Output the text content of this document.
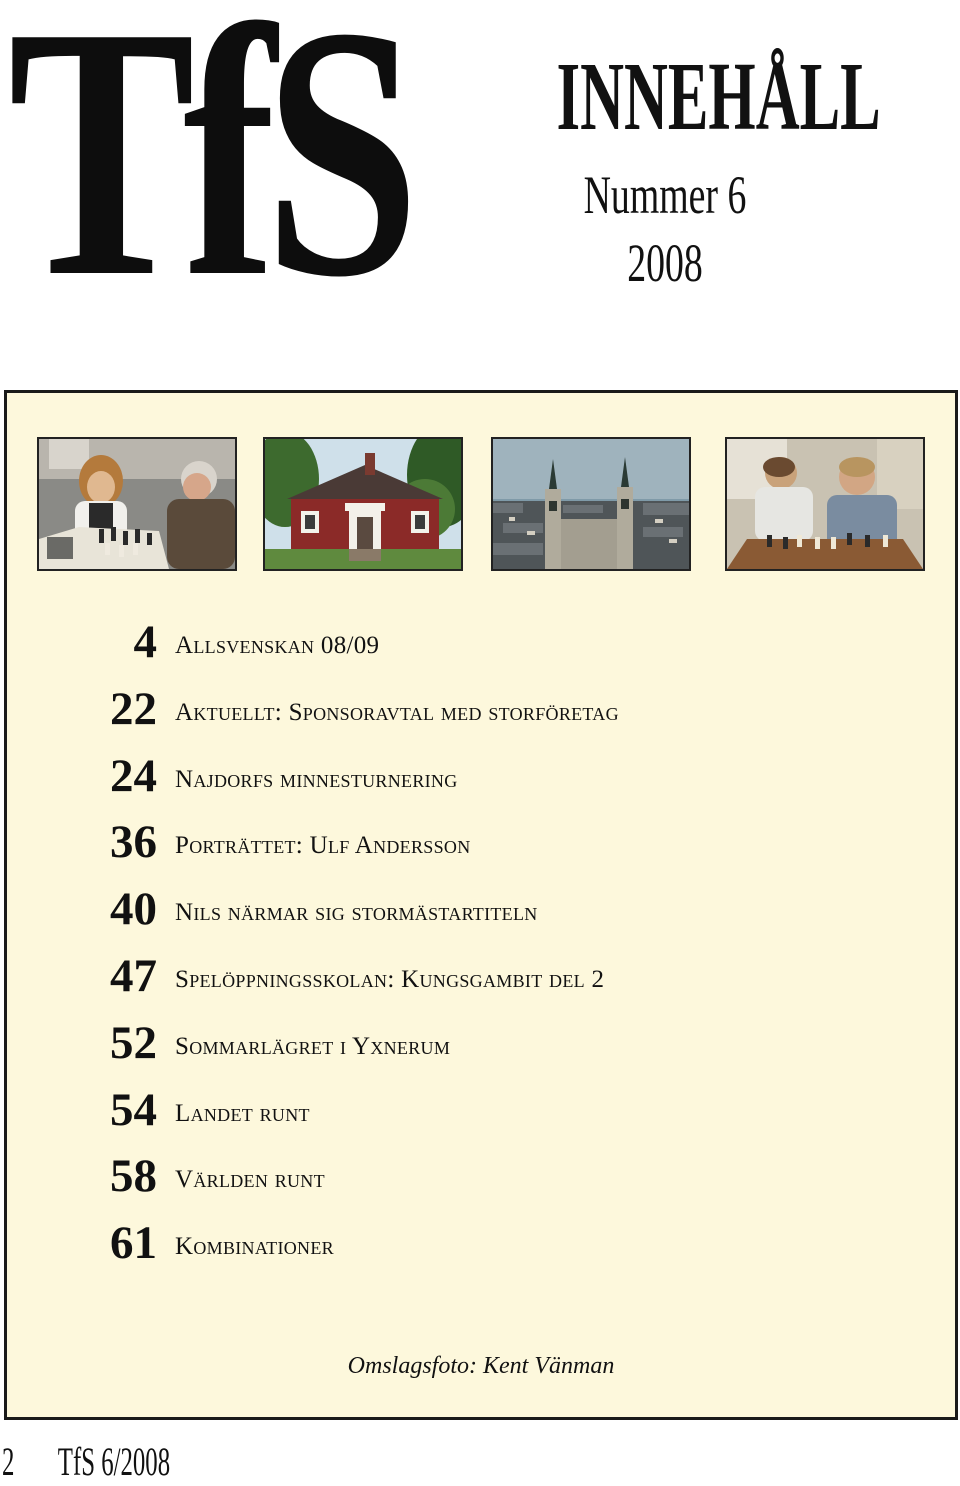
TfS INNEHÅLL
Nummer 6
2008
4 Allsvenskan 08/09
22 Aktuellt: Sponsoravtal med storföretag
24 Najdorfs minnesturnering
36 Porträttet: Ulf Andersson
40 Nils närmar sig stormästartiteln
47 Spelöppningsskolan: Kungsgambit del 2
52 Sommarlägret i Yxnerum
54 Landet runt
58 Världen runt
61 Kombinationer
Omslagsfoto: Kent Vänman
2 TfS 6/2008
